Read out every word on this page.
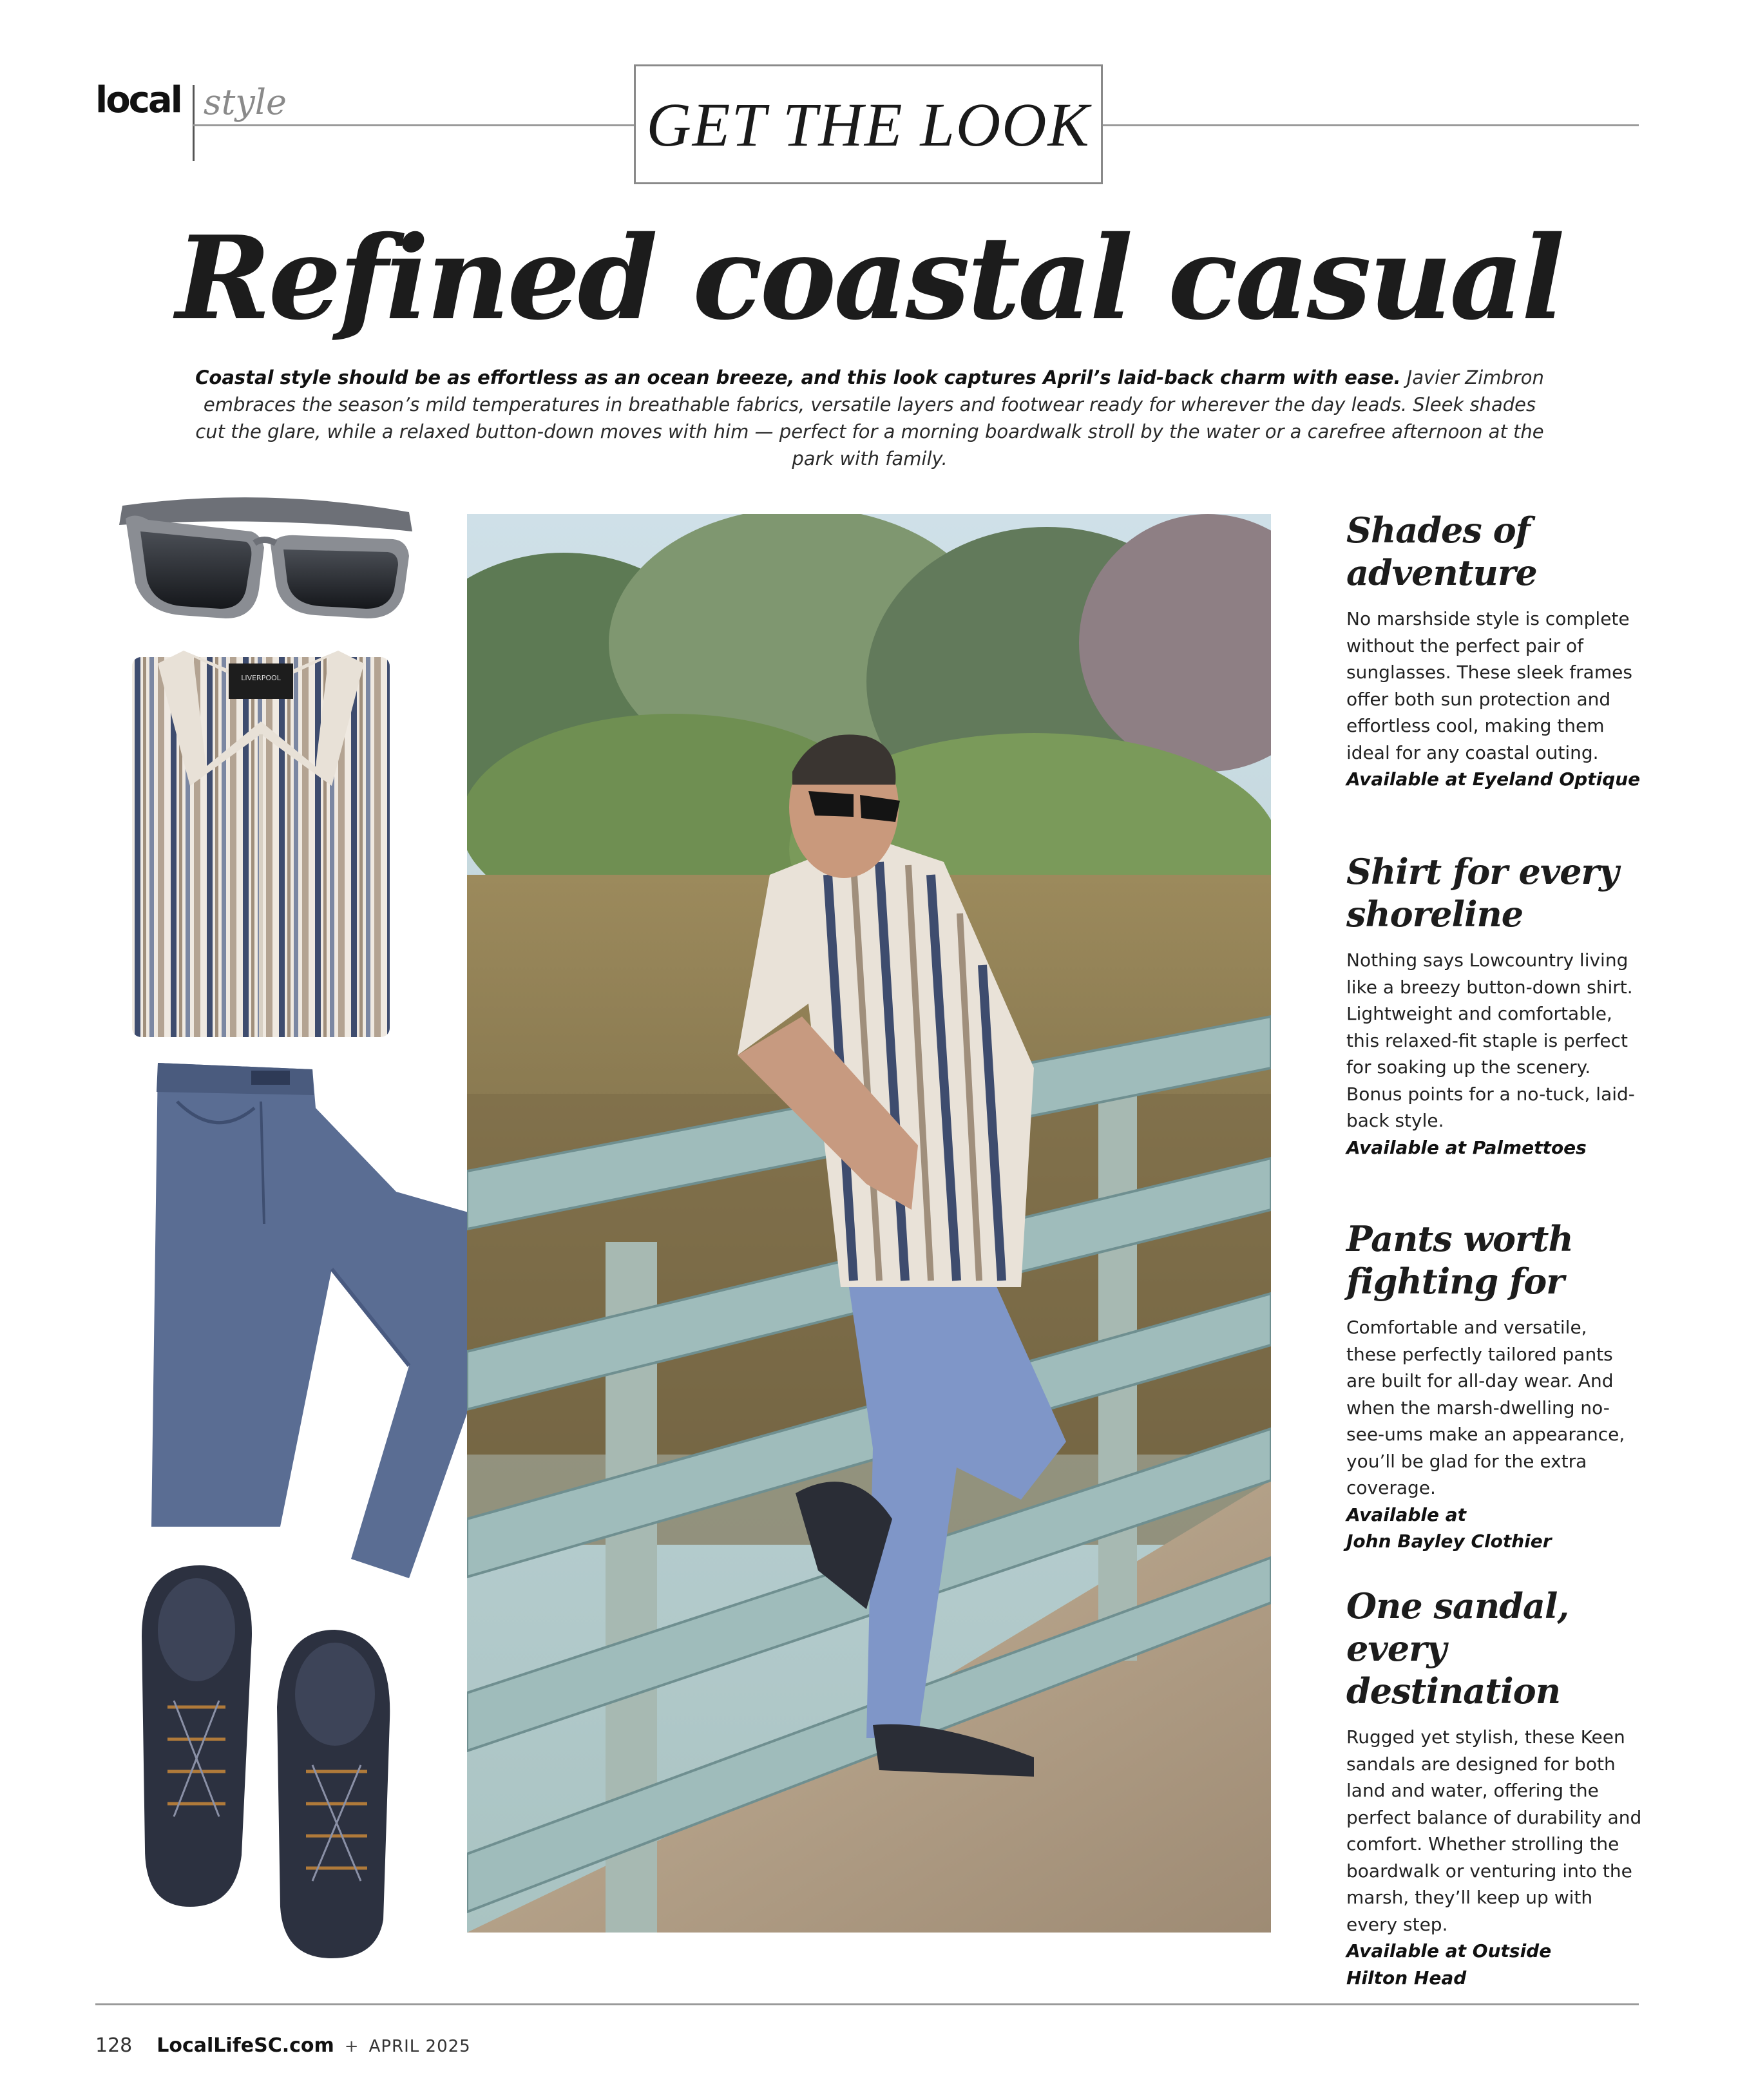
local style	GET THE LOOK
Refined coastal casual

Coastal style should be as effortless as an ocean breeze, and this look captures April’s laid-back charm with ease. Javier Zimbron embraces the season’s mild temperatures in breathable fabrics, versatile layers and footwear ready for wherever the day leads. Sleek shades cut the glare, while a relaxed button-down moves with him — perfect for a morning boardwalk stroll by the water or a carefree afternoon at the park with family.

LIVERPOOL
Shades of adventure

No marshside style is complete without the perfect pair of sunglasses. These sleek frames offer both sun protection and effortless cool, making them ideal for any coastal outing.

Available at Eyeland Optique

Shirt for every shoreline

Nothing says Lowcountry living like a breezy button-down shirt. Lightweight and comfortable, this relaxed-fit staple is perfect for soaking up the scenery. Bonus points for a no-tuck, laid-back style.

Available at Palmettoes

Pants worth fighting for

Comfortable and versatile, these perfectly tailored pants are built for all-day wear. And when the marsh-dwelling no-see-ums make an appearance, you’ll be glad for the extra coverage.

Available at
John Bayley Clothier

One sandal, every destination

Rugged yet stylish, these Keen sandals are designed for both land and water, offering the perfect balance of durability and comfort. Whether strolling the boardwalk or venturing into the marsh, they’ll keep up with every step.

Available at Outside
Hilton Head

128 LocalLifeSC.com + APRIL 2025
